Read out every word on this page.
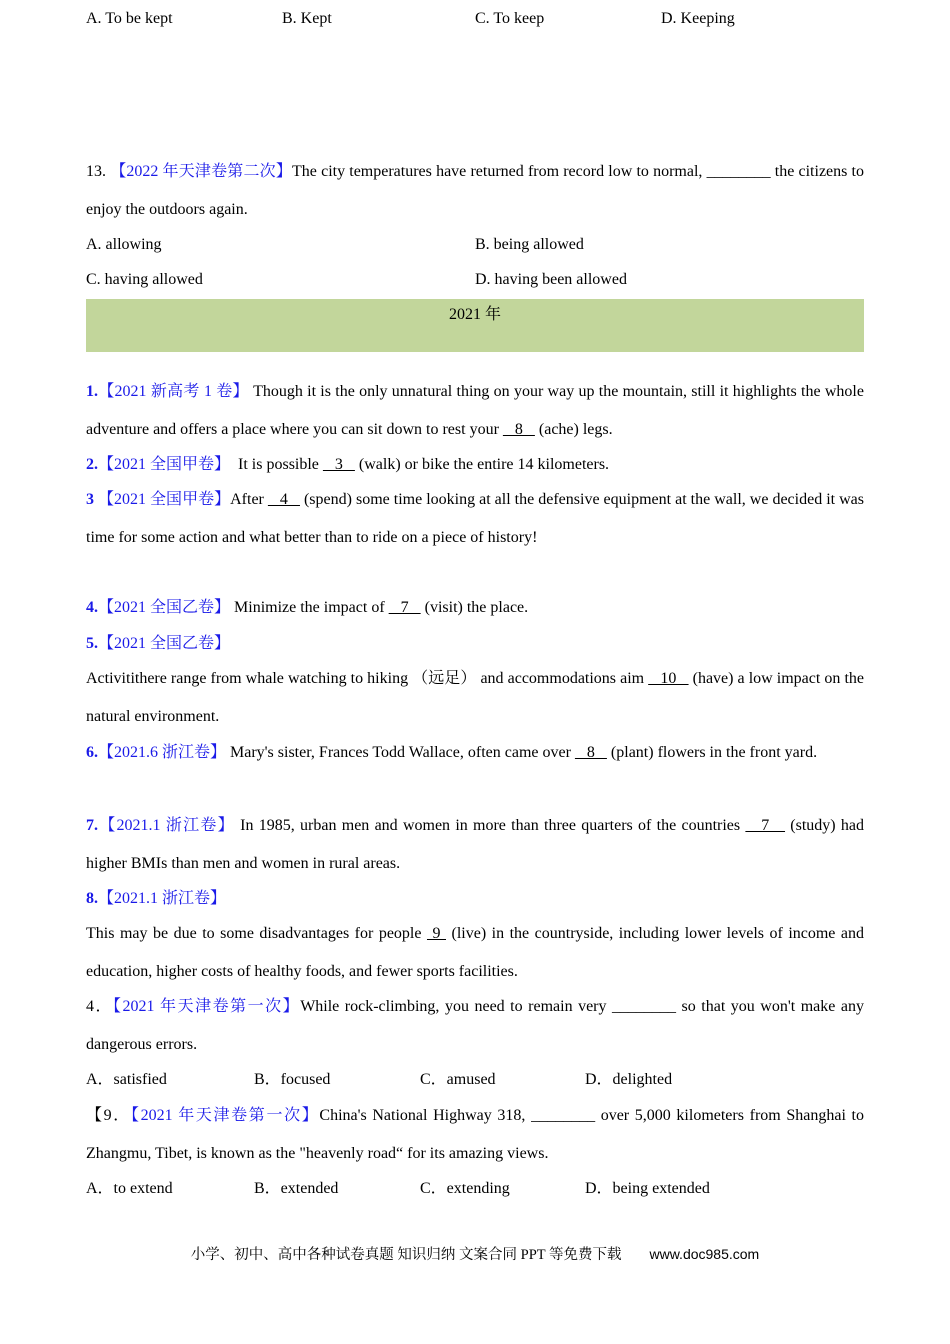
A. To be kept	B. Kept	C. To keep	D. Keeping
13. 【2022 年天津卷第二次】The city temperatures have returned from record low to normal, ________ the citizens to enjoy the outdoors again.
A. allowing	B. being allowed
C. having allowed	D. having been allowed
2021 年
1.【2021 新高考 1 卷】 Though it is the only unnatural thing on your way up the mountain, still it highlights the whole adventure and offers a place where you can sit down to rest your    8    (ache) legs.
2.【2021 全国甲卷】  It is possible    3    (walk) or bike the entire 14 kilometers.
3 【2021 全国甲卷】After    4    (spend) some time looking at all the defensive equipment at the wall, we decided it was time for some action and what better than to ride on a piece of history!
4.【2021 全国乙卷】 Minimize the impact of    7    (visit) the place.
5.【2021 全国乙卷】
Activitithere range from whale watching to hiking （远足） and accommodations aim    10    (have) a low impact on the natural environment.
6.【2021.6 浙江卷】 Mary's sister, Frances Todd Wallace, often came over    8    (plant) flowers in the front yard.
7.【2021.1 浙江卷】 In 1985, urban men and women in more than three quarters of the countries    7    (study) had higher BMIs than men and women in rural areas.
8.【2021.1 浙江卷】
This may be due to some disadvantages for people  9  (live) in the countryside, including lower levels of income and education, higher costs of healthy foods, and fewer sports facilities.
4．【2021 年天津卷第一次】While rock-climbing, you need to remain very ________ so that you won't make any dangerous errors.
A．satisfied	B．focused	C．amused	D．delighted
【9．【2021 年天津卷第一次】China's National Highway 318, ________ over 5,000 kilometers from Shanghai to Zhangmu, Tibet, is known as the "heavenly road“ for its amazing views.
A．to extend	B．extended	C．extending	D．being extended
小学、初中、高中各种试卷真题 知识归纳 文案合同 PPT 等免费下载 www.doc985.com
